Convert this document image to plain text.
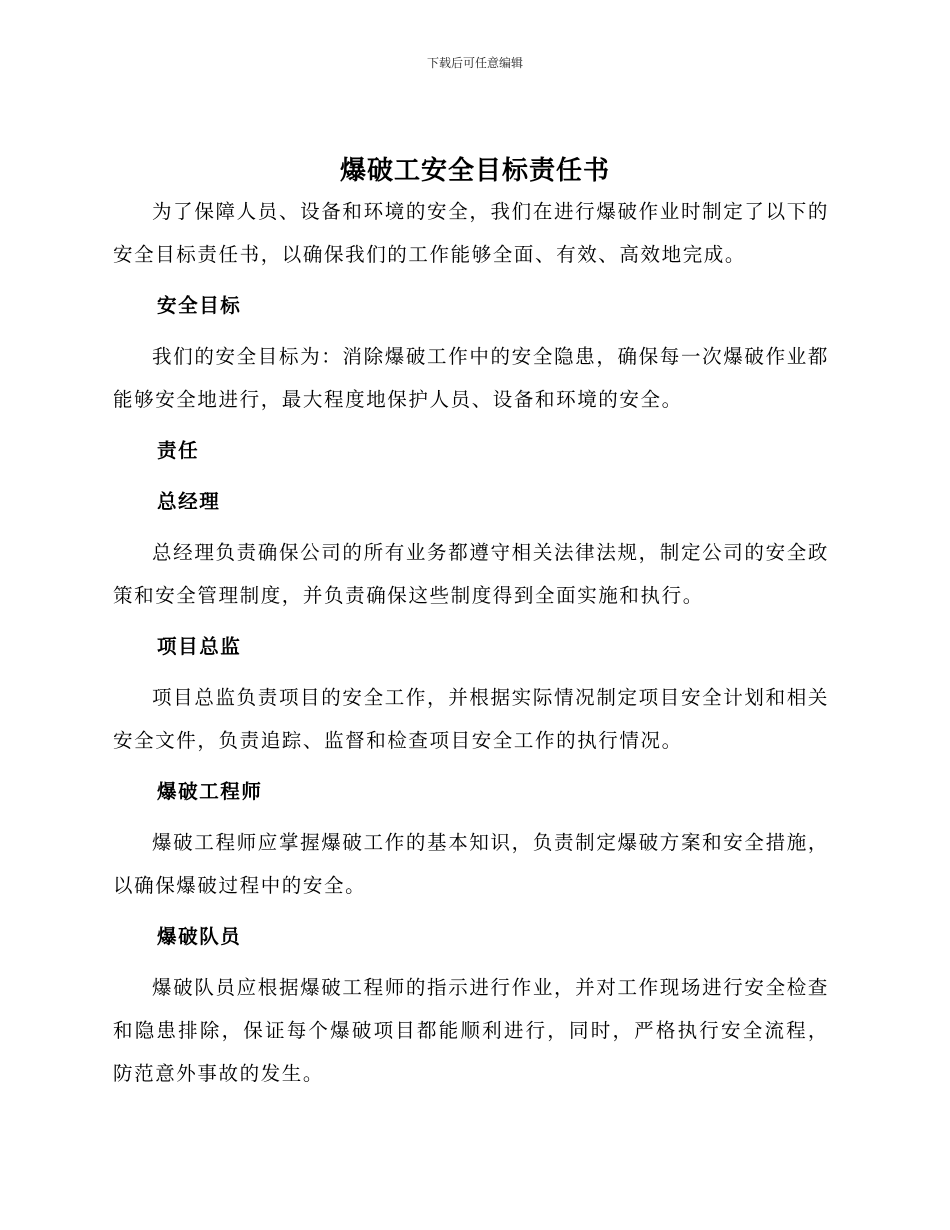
下载后可任意编辑
爆破工安全目标责任书

为了保障人员、设备和环境的安全，我们在进行爆破作业时制定了以下的安全目标责任书，以确保我们的工作能够全面、有效、高效地完成。

安全目标

我们的安全目标为：消除爆破工作中的安全隐患，确保每一次爆破作业都能够安全地进行，最大程度地保护人员、设备和环境的安全。

责任
总经理

总经理负责确保公司的所有业务都遵守相关法律法规，制定公司的安全政策和安全管理制度，并负责确保这些制度得到全面实施和执行。

项目总监

项目总监负责项目的安全工作，并根据实际情况制定项目安全计划和相关安全文件，负责追踪、监督和检查项目安全工作的执行情况。

爆破工程师

爆破工程师应掌握爆破工作的基本知识，负责制定爆破方案和安全措施，以确保爆破过程中的安全。

爆破队员

爆破队员应根据爆破工程师的指示进行作业，并对工作现场进行安全检查和隐患排除，保证每个爆破项目都能顺利进行，同时，严格执行安全流程，防范意外事故的发生。
